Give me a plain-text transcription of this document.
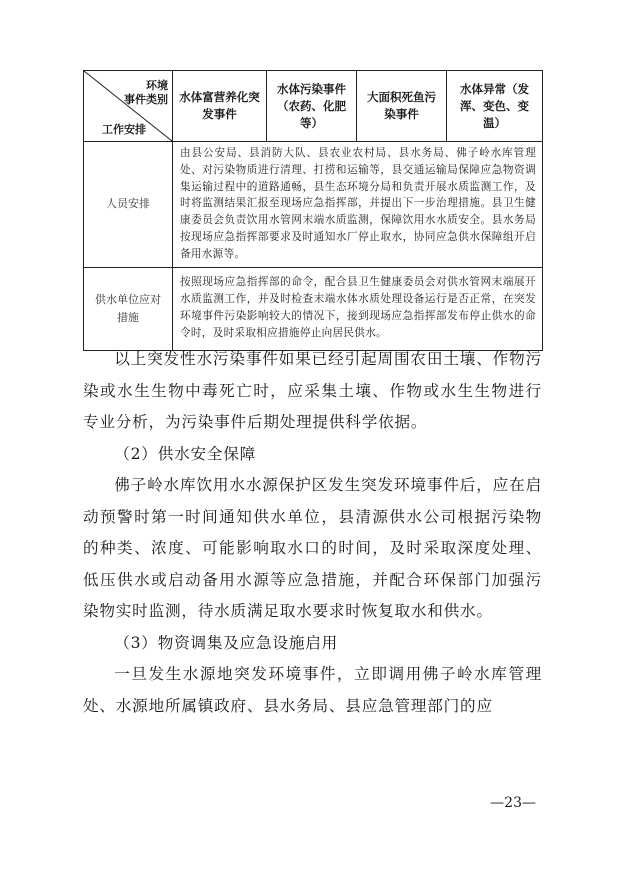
环境
事件类别
工作安排	水体富营养化突发事件	水体污染事件（农药、化肥等）	大面积死鱼污染事件	水体异常（发浑、变色、变温）
人员安排	由县公安局、县消防大队、县农业农村局、县水务局、佛子岭水库管理处、对污染物质进行清理、打捞和运输等，县交通运输局保障应急物资调集运输过程中的道路通畅，县生态环境分局和负责开展水质监测工作，及时将监测结果汇报至现场应急指挥部，并提出下一步治理措施。县卫生健康委员会负责饮用水管网末端水质监测，保障饮用水水质安全。县水务局按现场应急指挥部要求及时通知水厂停止取水，协同应急供水保障组开启备用水源等。			
供水单位应对措施	按照现场应急指挥部的命令，配合县卫生健康委员会对供水管网末端展开水质监测工作，并及时检查末端水体水质处理设备运行是否正常，在突发环境事件污染影响较大的情况下，接到现场应急指挥部发布停止供水的命令时，及时采取相应措施停止向居民供水。			

以上突发性水污染事件如果已经引起周围农田土壤、作物污染或水生生物中毒死亡时，应采集土壤、作物或水生生物进行专业分析，为污染事件后期处理提供科学依据。

（2）供水安全保障

佛子岭水库饮用水水源保护区发生突发环境事件后，应在启动预警时第一时间通知供水单位，县清源供水公司根据污染物的种类、浓度、可能影响取水口的时间，及时采取深度处理、低压供水或启动备用水源等应急措施，并配合环保部门加强污染物实时监测，待水质满足取水要求时恢复取水和供水。

（3）物资调集及应急设施启用

一旦发生水源地突发环境事件，立即调用佛子岭水库管理处、水源地所属镇政府、县水务局、县应急管理部门的应

—23—
